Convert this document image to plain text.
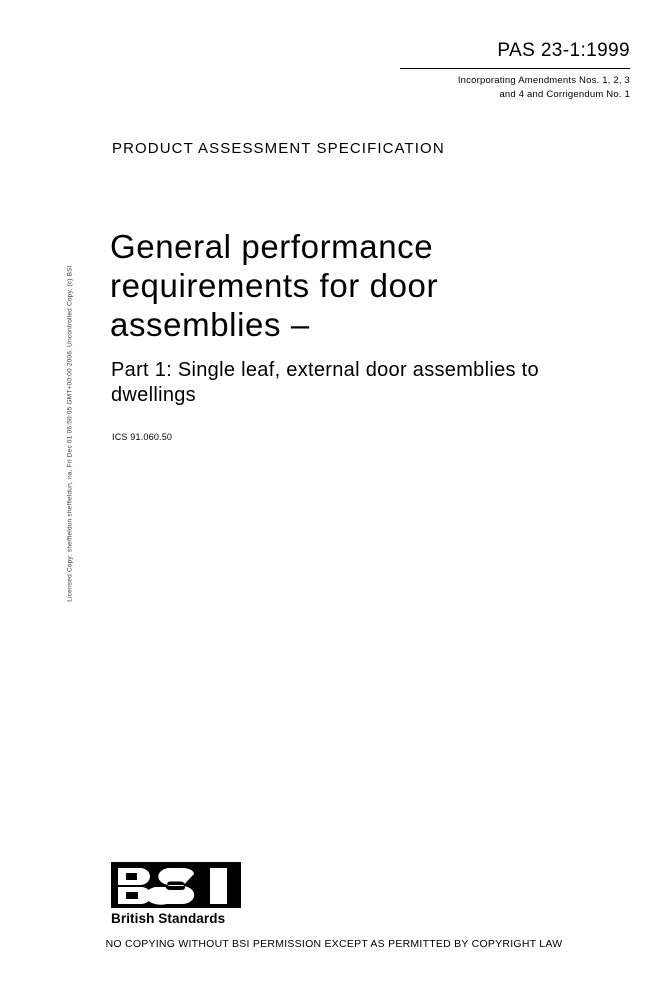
Licensed Copy: sheffieldun sheffieldun, na, Fri Dec 01 06:50:05 GMT+00:00 2006, Uncontrolled Copy, (c) BSI
PAS 23-1:1999
Incorporating Amendments Nos. 1, 2, 3
and 4 and Corrigendum No. 1
PRODUCT ASSESSMENT SPECIFICATION
General performance requirements for door assemblies –
Part 1: Single leaf, external door assemblies to dwellings
ICS 91.060.50
British Standards
NO COPYING WITHOUT BSI PERMISSION EXCEPT AS PERMITTED BY COPYRIGHT LAW
